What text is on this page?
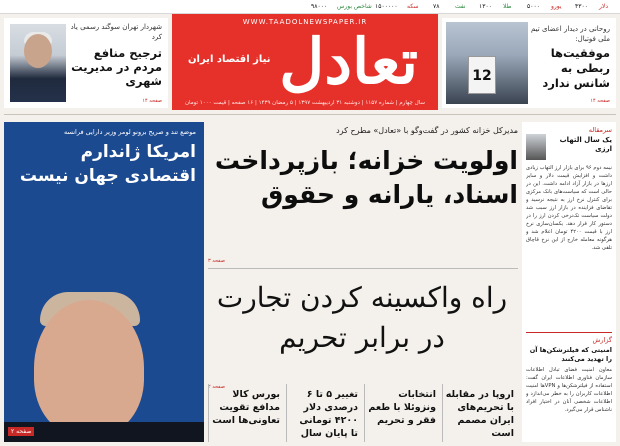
دلار
۴۳۰۰
یورو
۵۰۰۰
طلا
۱۳۰۰
نفت
۷۸
سکه
۱۵۰۰۰۰۰
شاخص بورس
۹۸۰۰۰
شهردار تهران سوگند رسمی یاد کرد
ترجیح منافع مردم در مدیریت شهری
صفحه ۱۴
WWW.TAADOLNEWSPAPER.IR
تعادل
نیاز اقتصاد ایران
سال چهارم | شماره ۱۱۵۷ | دوشنبه ۳۱ اردیبهشت ۱۳۹۷ | ۵ رمضان ۱۴۳۹ | ۱۶ صفحه | قیمت ۱۰۰۰ تومان
12
روحانی در دیدار اعضای تیم ملی فوتبال:
موفقیت‌ها ربطی به شانس ندارد
صفحه ۱۴
موضع تند و صریح برونو لومر وزیر دارایی فرانسه
امریکا ژاندارم اقتصادی جهان نیست
صفحه ۲
مدیرکل خزانه کشور در گفت‌وگو با «تعادل» مطرح کرد
اولویت خزانه؛ بازپرداخت اسناد، یارانه و حقوق
صفحه ۳
راه واکسینه کردن تجارت در برابر تحریم
صفحه ۲
اروپا در مقابله با تحریم‌های ایران مصمم است
انتخابات ونزوئلا با طعم فقر و تحریم
تغییر ۵ تا ۶ درصدی دلار ۴۲۰۰ تومانی تا پایان سال
بورس کالا مدافع تقویت تعاونی‌ها است
سرمقاله
یک سال التهاب ارزی
نیمه دوم ۹۶ برای بازار ارز التهاب زیادی داشت و افزایش قیمت دلار و سایر ارزها در بازار آزاد ادامه داشت. این در حالی است که سیاست‌های بانک مرکزی برای کنترل نرخ ارز به نتیجه نرسید و تقاضای فزاینده در بازار ارز سبب شد دولت سیاست تک‌نرخی کردن ارز را در دستور کار قرار دهد. یکسان‌سازی نرخ ارز با قیمت ۴۲۰۰ تومان اعلام شد و هرگونه معامله خارج از این نرخ قاچاق تلقی شد.
گزارش
امنیتی که فیلترشکن‌ها آن را تهدید می‌کنند
معاون امنیت فضای تبادل اطلاعات سازمان فناوری اطلاعات ایران گفت: استفاده از فیلترشکن‌ها و VPNها امنیت اطلاعات کاربران را به خطر می‌اندازد و اطلاعات شخصی آنان در اختیار افراد ناشناس قرار می‌گیرد.
